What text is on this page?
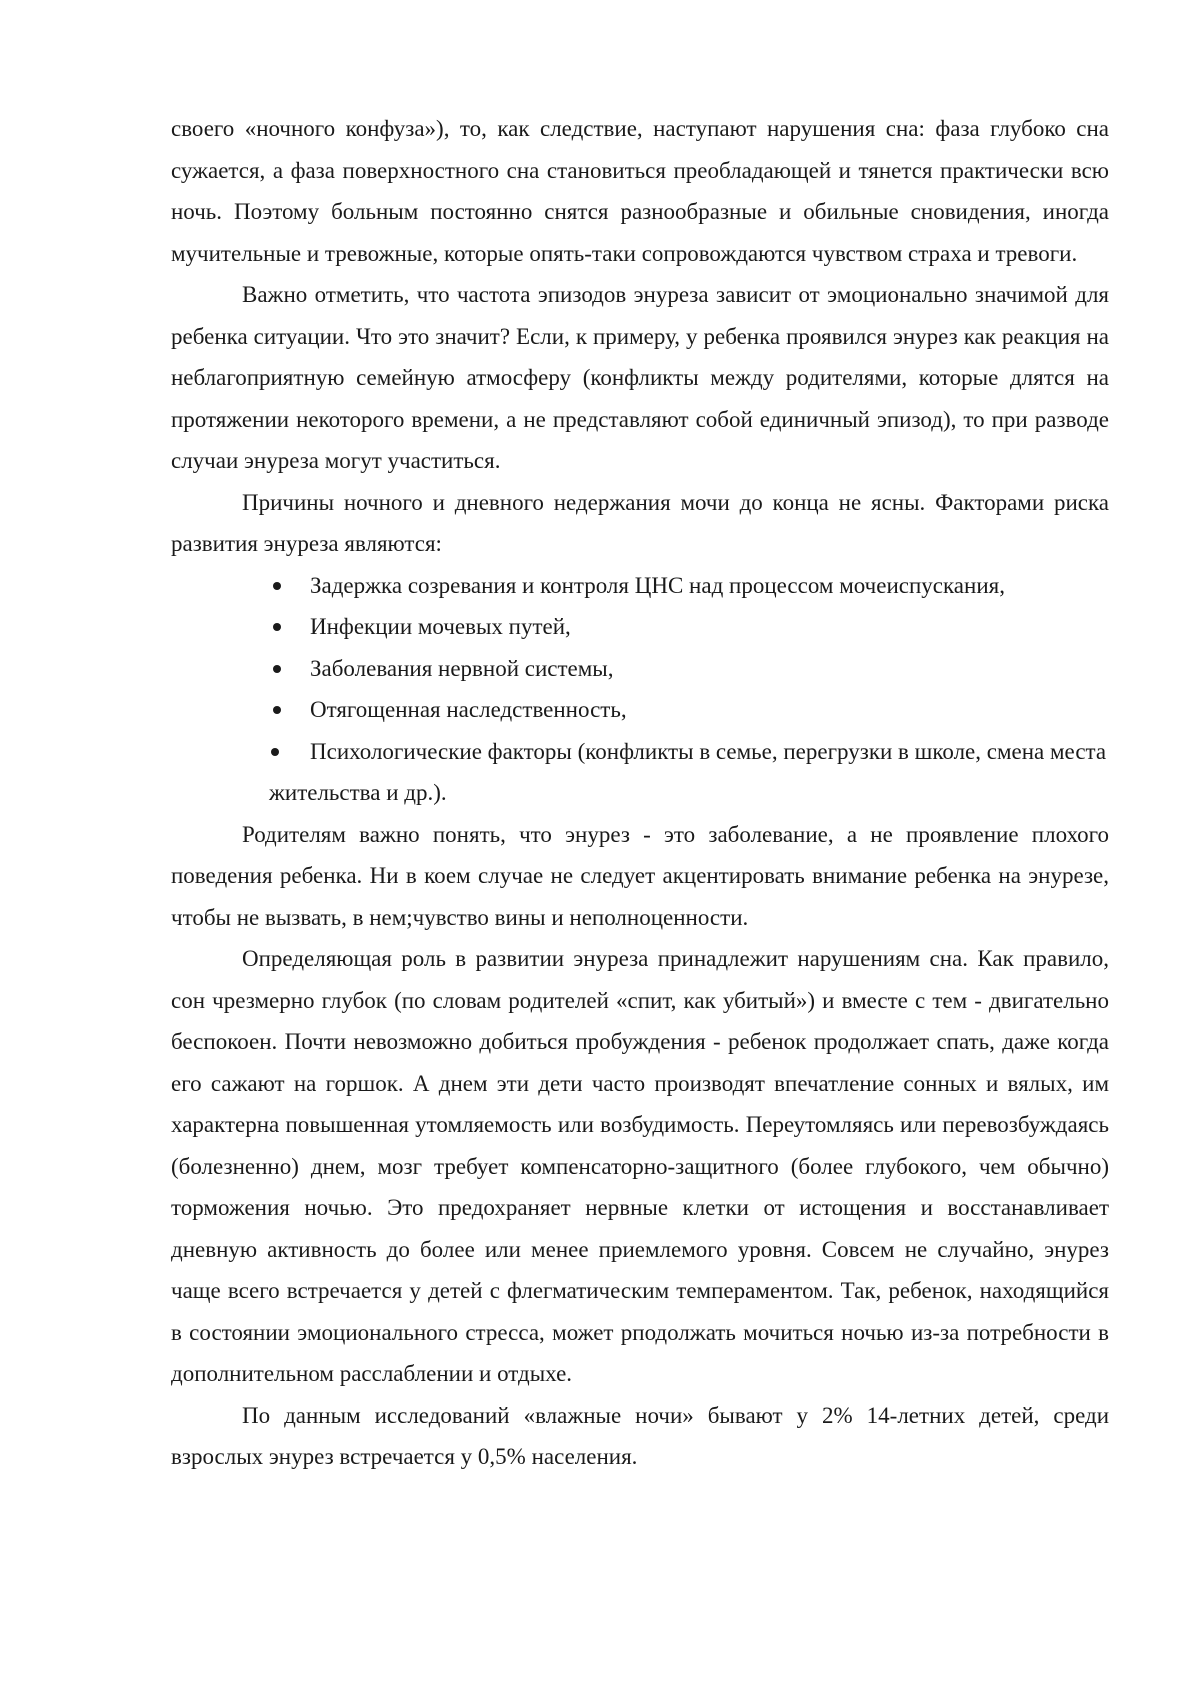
своего «ночного конфуза»), то, как следствие, наступают нарушения сна: фаза глубоко сна сужается, а фаза поверхностного сна становиться преобладающей и тянется практически всю ночь. Поэтому больным постоянно снятся разнообразные и обильные сновидения, иногда мучительные и тревожные, которые опять-таки сопровождаются чувством страха и тревоги.

Важно отметить, что частота эпизодов энуреза зависит от эмоционально значимой для ребенка ситуации. Что это значит? Если, к примеру, у ребенка проявился энурез как реакция на неблагоприятную семейную атмосферу (конфликты между родителями, которые длятся на протяжении некоторого времени, а не представляют собой единичный эпизод), то при разводе случаи энуреза могут участиться.

Причины ночного и дневного недержания мочи до конца не ясны. Факторами риска развития энуреза являются:

Задержка созревания и контроля ЦНС над процессом мочеиспускания,
Инфекции мочевых путей,
Заболевания нервной системы,
Отягощенная наследственность,
Психологические факторы (конфликты в семье, перегрузки в школе, смена места жительства и др.).

Родителям важно понять, что энурез - это заболевание, а не проявление плохого поведения ребенка. Ни в коем случае не следует акцентировать внимание ребенка на энурезе, чтобы не вызвать, в нем;чувство вины и неполноценности.

Определяющая роль в развитии энуреза принадлежит нарушениям сна. Как правило, сон чрезмерно глубок (по словам родителей «спит, как убитый») и вместе с тем - двигательно беспокоен. Почти невозможно добиться пробуждения - ребенок продолжает спать, даже когда его сажают на горшок. А днем эти дети часто производят впечатление сонных и вялых, им характерна повышенная утомляемость или возбудимость. Переутомляясь или перевозбуждаясь (болезненно) днем, мозг требует компенсаторно-защитного (более глубокого, чем обычно) торможения ночью. Это предохраняет нервные клетки от истощения и восстанавливает дневную активность до более или менее приемлемого уровня. Совсем не случайно, энурез чаще всего встречается у детей с флегматическим темпераментом. Так, ребенок, находящийся в состоянии эмоционального стресса, может рподолжать мочиться ночью из-за потребности в дополнительном расслаблении и отдыхе.

По данным исследований «влажные ночи» бывают у 2% 14-летних детей, среди взрослых энурез встречается у 0,5% населения.
